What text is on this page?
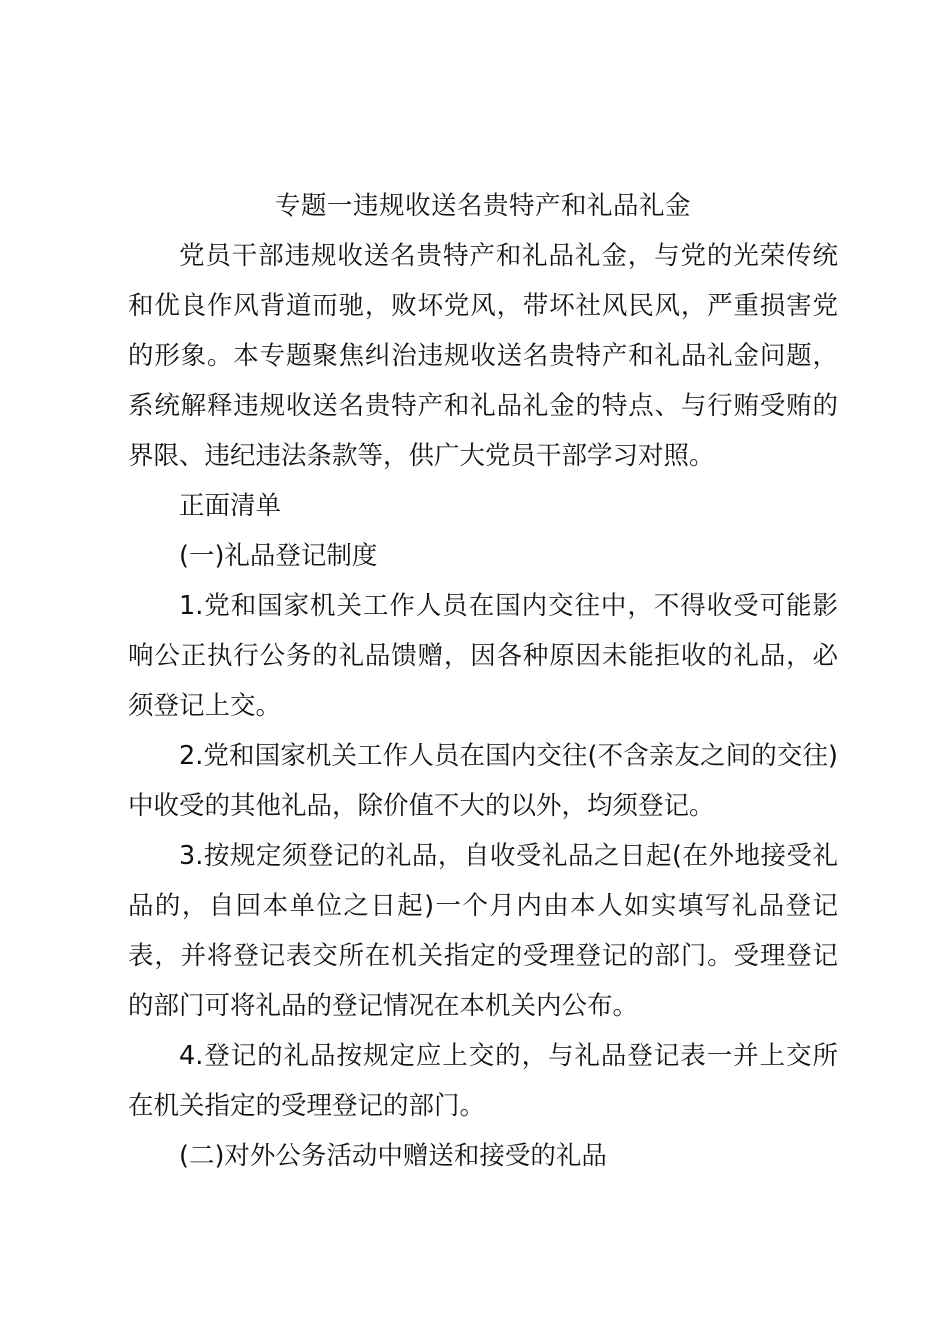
专题一违规收送名贵特产和礼品礼金

党员干部违规收送名贵特产和礼品礼金，与党的光荣传统和优良作风背道而驰，败坏党风，带坏社风民风，严重损害党的形象。本专题聚焦纠治违规收送名贵特产和礼品礼金问题，系统解释违规收送名贵特产和礼品礼金的特点、与行贿受贿的界限、违纪违法条款等，供广大党员干部学习对照。

正面清单

(一)礼品登记制度

1.党和国家机关工作人员在国内交往中，不得收受可能影响公正执行公务的礼品馈赠，因各种原因未能拒收的礼品，必须登记上交。

2.党和国家机关工作人员在国内交往(不含亲友之间的交往)中收受的其他礼品，除价值不大的以外，均须登记。

3.按规定须登记的礼品，自收受礼品之日起(在外地接受礼品的，自回本单位之日起)一个月内由本人如实填写礼品登记表，并将登记表交所在机关指定的受理登记的部门。受理登记的部门可将礼品的登记情况在本机关内公布。

4.登记的礼品按规定应上交的，与礼品登记表一并上交所在机关指定的受理登记的部门。

(二)对外公务活动中赠送和接受的礼品
